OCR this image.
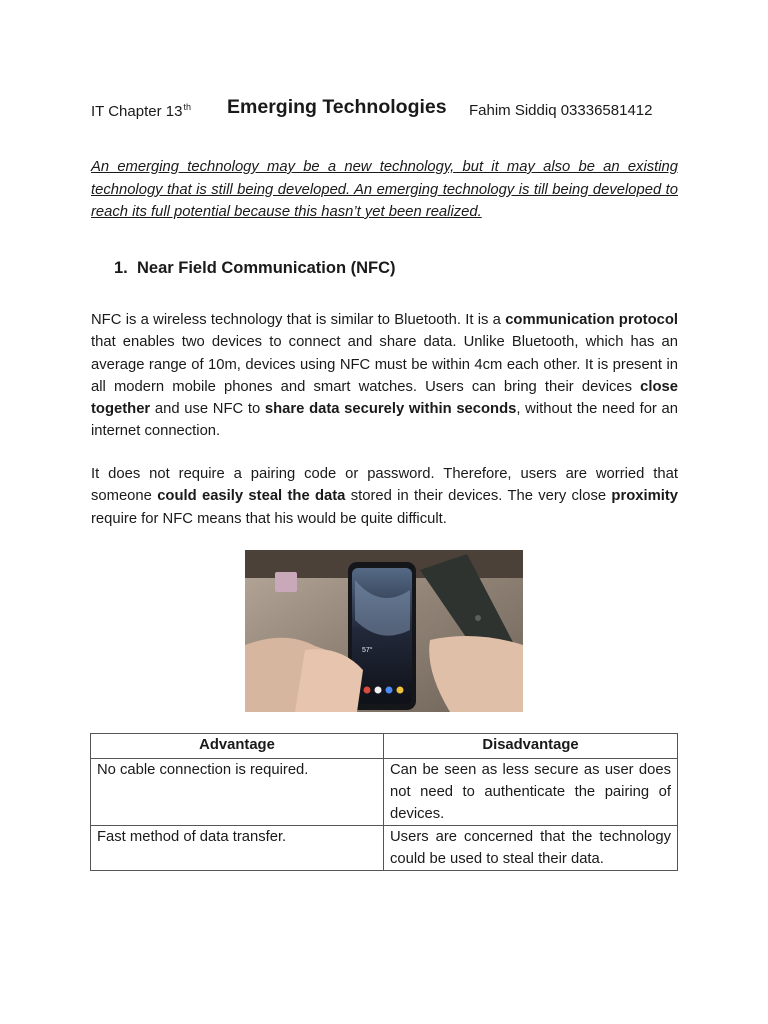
IT Chapter 13th Emerging Technologies Fahim Siddiq 03336581412

An emerging technology may be a new technology, but it may also be an existing technology that is still being developed. An emerging technology is till being developed to reach its full potential because this hasn’t yet been realized.

1. Near Field Communication (NFC)

NFC is a wireless technology that is similar to Bluetooth. It is a communication protocol that enables two devices to connect and share data. Unlike Bluetooth, which has an average range of 10m, devices using NFC must be within 4cm each other. It is present in all modern mobile phones and smart watches. Users can bring their devices close together and use NFC to share data securely within seconds, without the need for an internet connection.

It does not require a pairing code or password. Therefore, users are worried that someone could easily steal the data stored in their devices. The very close proximity require for NFC means that his would be quite difficult.

57°
Advantage	Disadvantage
No cable connection is required.	Can be seen as less secure as user does not need to authenticate the pairing of devices.
Fast method of data transfer.	Users are concerned that the technology could be used to steal their data.
